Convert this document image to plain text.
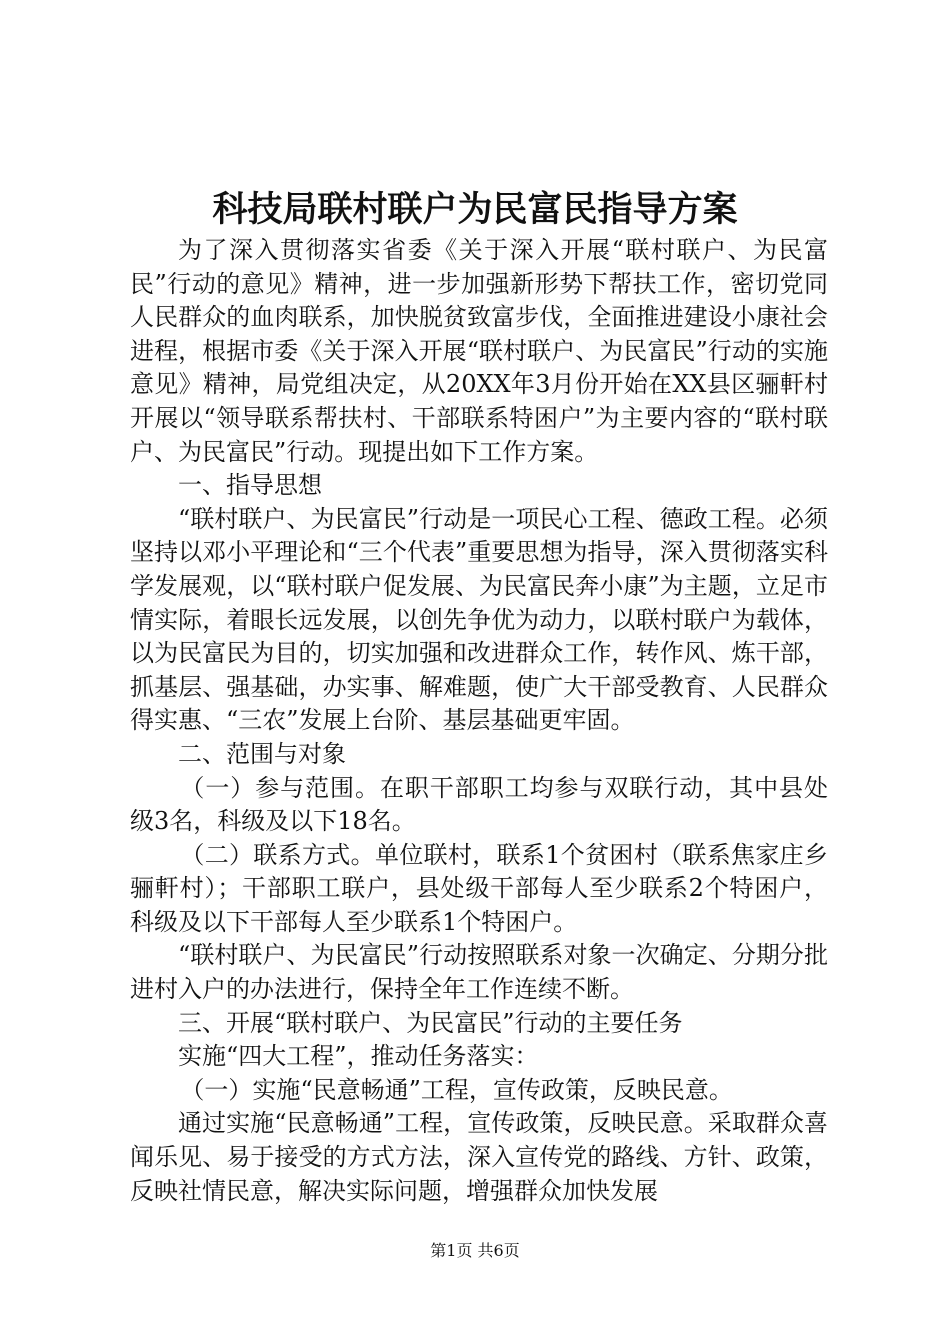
科技局联村联户为民富民指导方案

为了深入贯彻落实省委《关于深入开展“联村联户、为民富民”行动的意见》精神，进一步加强新形势下帮扶工作，密切党同人民群众的血肉联系，加快脱贫致富步伐，全面推进建设小康社会进程，根据市委《关于深入开展“联村联户、为民富民”行动的实施意见》精神，局党组决定，从20XX年3月份开始在XX县区骊軒村开展以“领导联系帮扶村、干部联系特困户”为主要内容的“联村联户、为民富民”行动。现提出如下工作方案。

一、指导思想

“联村联户、为民富民”行动是一项民心工程、德政工程。必须坚持以邓小平理论和“三个代表”重要思想为指导，深入贯彻落实科学发展观，以“联村联户促发展、为民富民奔小康”为主题，立足市情实际，着眼长远发展，以创先争优为动力，以联村联户为载体，以为民富民为目的，切实加强和改进群众工作，转作风、炼干部，抓基层、强基础，办实事、解难题，使广大干部受教育、人民群众得实惠、“三农”发展上台阶、基层基础更牢固。

二、范围与对象

（一）参与范围。在职干部职工均参与双联行动，其中县处级3名，科级及以下18名。

（二）联系方式。单位联村，联系1个贫困村（联系焦家庄乡骊軒村）；干部职工联户，县处级干部每人至少联系2个特困户，科级及以下干部每人至少联系1个特困户。

“联村联户、为民富民”行动按照联系对象一次确定、分期分批进村入户的办法进行，保持全年工作连续不断。

三、开展“联村联户、为民富民”行动的主要任务

实施“四大工程”，推动任务落实：

（一）实施“民意畅通”工程，宣传政策，反映民意。

通过实施“民意畅通”工程，宣传政策，反映民意。采取群众喜闻乐见、易于接受的方式方法，深入宣传党的路线、方针、政策，反映社情民意，解决实际问题，增强群众加快发展

第1页 共6页
